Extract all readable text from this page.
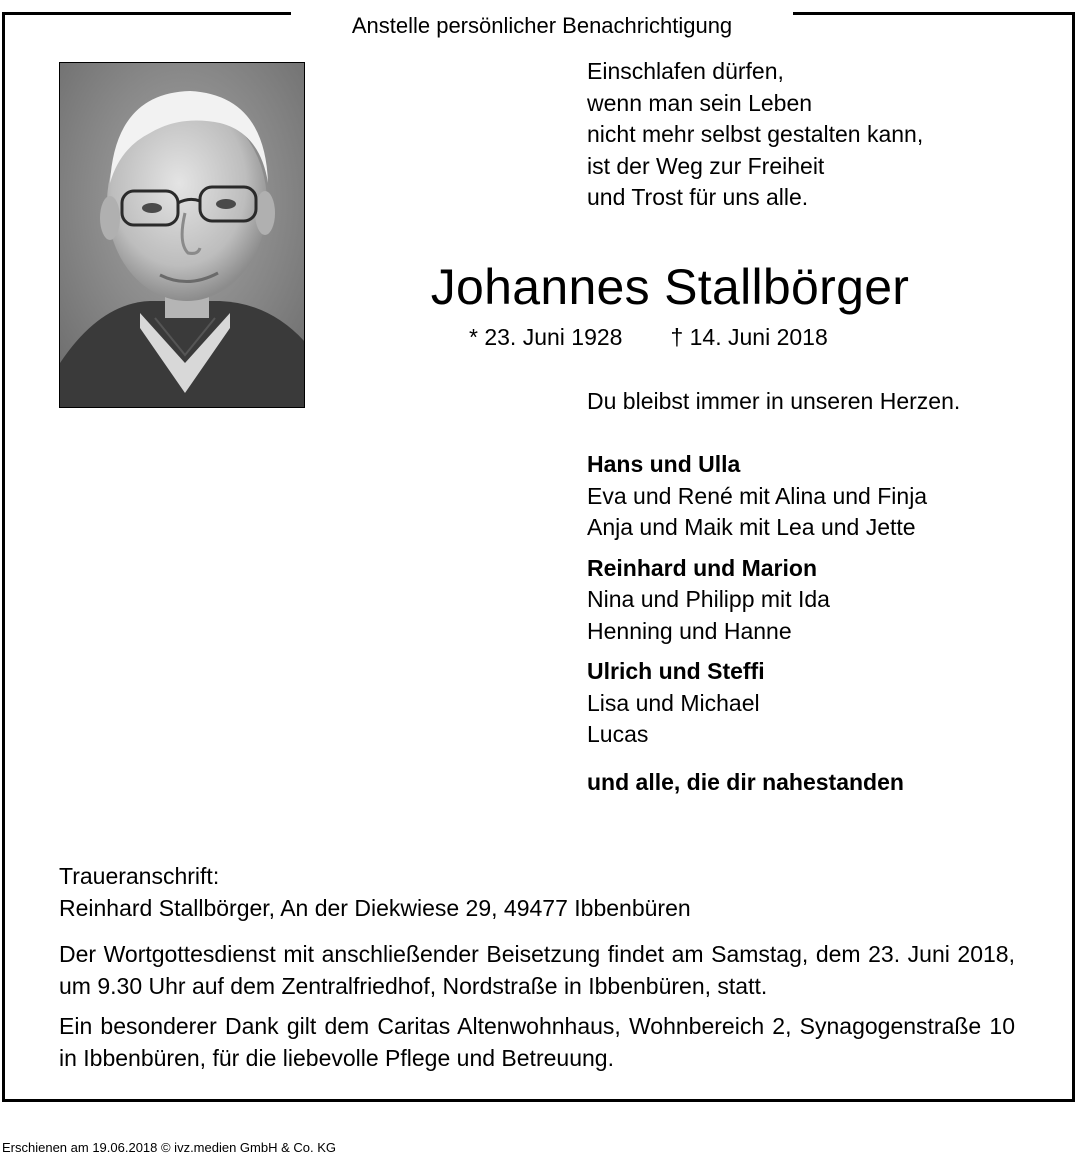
Anstelle persönlicher Benachrichtigung
Einschlafen dürfen,
wenn man sein Leben
nicht mehr selbst gestalten kann,
ist der Weg zur Freiheit
und Trost für uns alle.
Johannes Stallbörger
* 23. Juni 1928 † 14. Juni 2018
Du bleibst immer in unseren Herzen.
Hans und Ulla
Eva und René mit Alina und Finja
Anja und Maik mit Lea und Jette
Reinhard und Marion
Nina und Philipp mit Ida
Henning und Hanne
Ulrich und Steffi
Lisa und Michael
Lucas
und alle, die dir nahestanden
Traueranschrift:
Reinhard Stallbörger, An der Diekwiese 29, 49477 Ibbenbüren
Der Wortgottesdienst mit anschließender Beisetzung findet am Samstag, dem 23. Juni 2018, um 9.30 Uhr auf dem Zentralfriedhof, Nordstraße in Ibbenbüren, statt.
Ein besonderer Dank gilt dem Caritas Altenwohnhaus, Wohnbereich 2, Synagogenstraße 10 in Ibbenbüren, für die liebevolle Pflege und Betreuung.
Erschienen am 19.06.2018 © ivz.medien GmbH & Co. KG
